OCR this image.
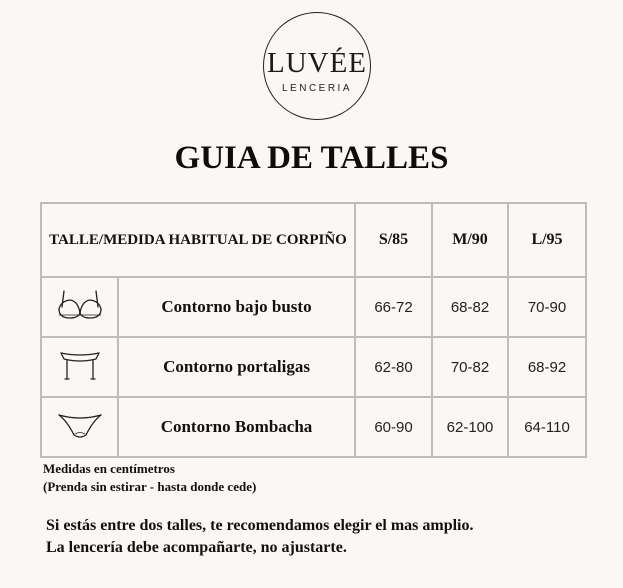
LUVÉE
LENCERIA
GUIA DE TALLES
TALLE/MEDIDA HABITUAL DE CORPIÑO		S/85	M/90	L/95
	Contorno bajo busto	66-72	68-82	70-90
	Contorno portaligas	62-80	70-82	68-92
	Contorno Bombacha	60-90	62-100	64-110
Medidas en centímetros
(Prenda sin estirar - hasta donde cede)
Si estás entre dos talles, te recomendamos elegir el mas amplio.
La lencería debe acompañarte, no ajustarte.
